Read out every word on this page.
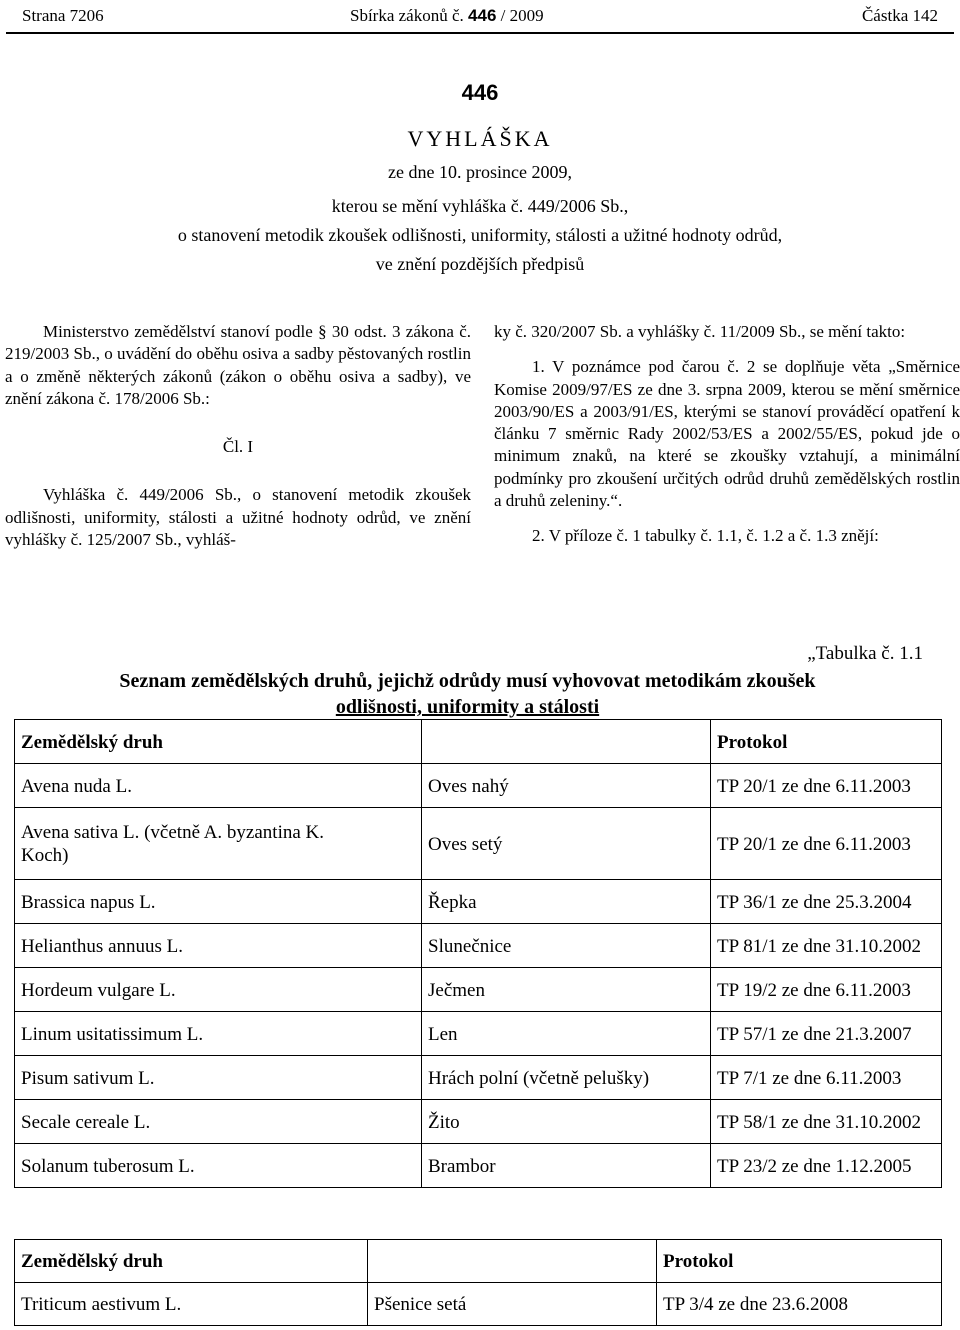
Strana 7206	Sbírka zákonů č. 446 / 2009	Částka 142
446
VYHLÁŠKA
ze dne 10. prosince 2009,
kterou se mění vyhláška č. 449/2006 Sb.,
o stanovení metodik zkoušek odlišnosti, uniformity, stálosti a užitné hodnoty odrůd,
ve znění pozdějších předpisů

Ministerstvo zemědělství stanoví podle § 30 odst. 3 zákona č. 219/2003 Sb., o uvádění do oběhu osiva a sadby pěstovaných rostlin a o změně některých zákonů (zákon o oběhu osiva a sadby), ve znění zákona č. 178/2006 Sb.:

Čl. I

Vyhláška č. 449/2006 Sb., o stanovení metodik zkoušek odlišnosti, uniformity, stálosti a užitné hodnoty odrůd, ve znění vyhlášky č. 125/2007 Sb., vyhláš-

ky č. 320/2007 Sb. a vyhlášky č. 11/2009 Sb., se mění takto:

1. V poznámce pod čarou č. 2 se doplňuje věta „Směrnice Komise 2009/97/ES ze dne 3. srpna 2009, kterou se mění směrnice 2003/90/ES a 2003/91/ES, kterými se stanoví prováděcí opatření k článku 7 směrnic Rady 2002/53/ES a 2002/55/ES, pokud jde o minimum znaků, na které se zkoušky vztahují, a minimální podmínky pro zkoušení určitých odrůd druhů zemědělských rostlin a druhů zeleniny.“.

2. V příloze č. 1 tabulky č. 1.1, č. 1.2 a č. 1.3 znějí:

„Tabulka č. 1.1
Seznam zemědělských druhů, jejichž odrůdy musí vyhovovat metodikám zkoušek
odlišnosti, uniformity a stálosti
Zemědělský druh		Protokol
Avena nuda L.	Oves nahý	TP 20/1 ze dne 6.11.2003
Avena sativa L. (včetně A. byzantina K. Koch)	Oves setý	TP 20/1 ze dne 6.11.2003
Brassica napus L.	Řepka	TP 36/1 ze dne 25.3.2004
Helianthus annuus L.	Slunečnice	TP 81/1 ze dne 31.10.2002
Hordeum vulgare L.	Ječmen	TP 19/2 ze dne 6.11.2003
Linum usitatissimum L.	Len	TP 57/1 ze dne 21.3.2007
Pisum sativum L.	Hrách polní (včetně pelušky)	TP 7/1 ze dne 6.11.2003
Secale cereale L.	Žito	TP 58/1 ze dne 31.10.2002
Solanum tuberosum L.	Brambor	TP 23/2 ze dne 1.12.2005
Zemědělský druh		Protokol
Triticum aestivum L.	Pšenice setá	TP 3/4 ze dne 23.6.2008
